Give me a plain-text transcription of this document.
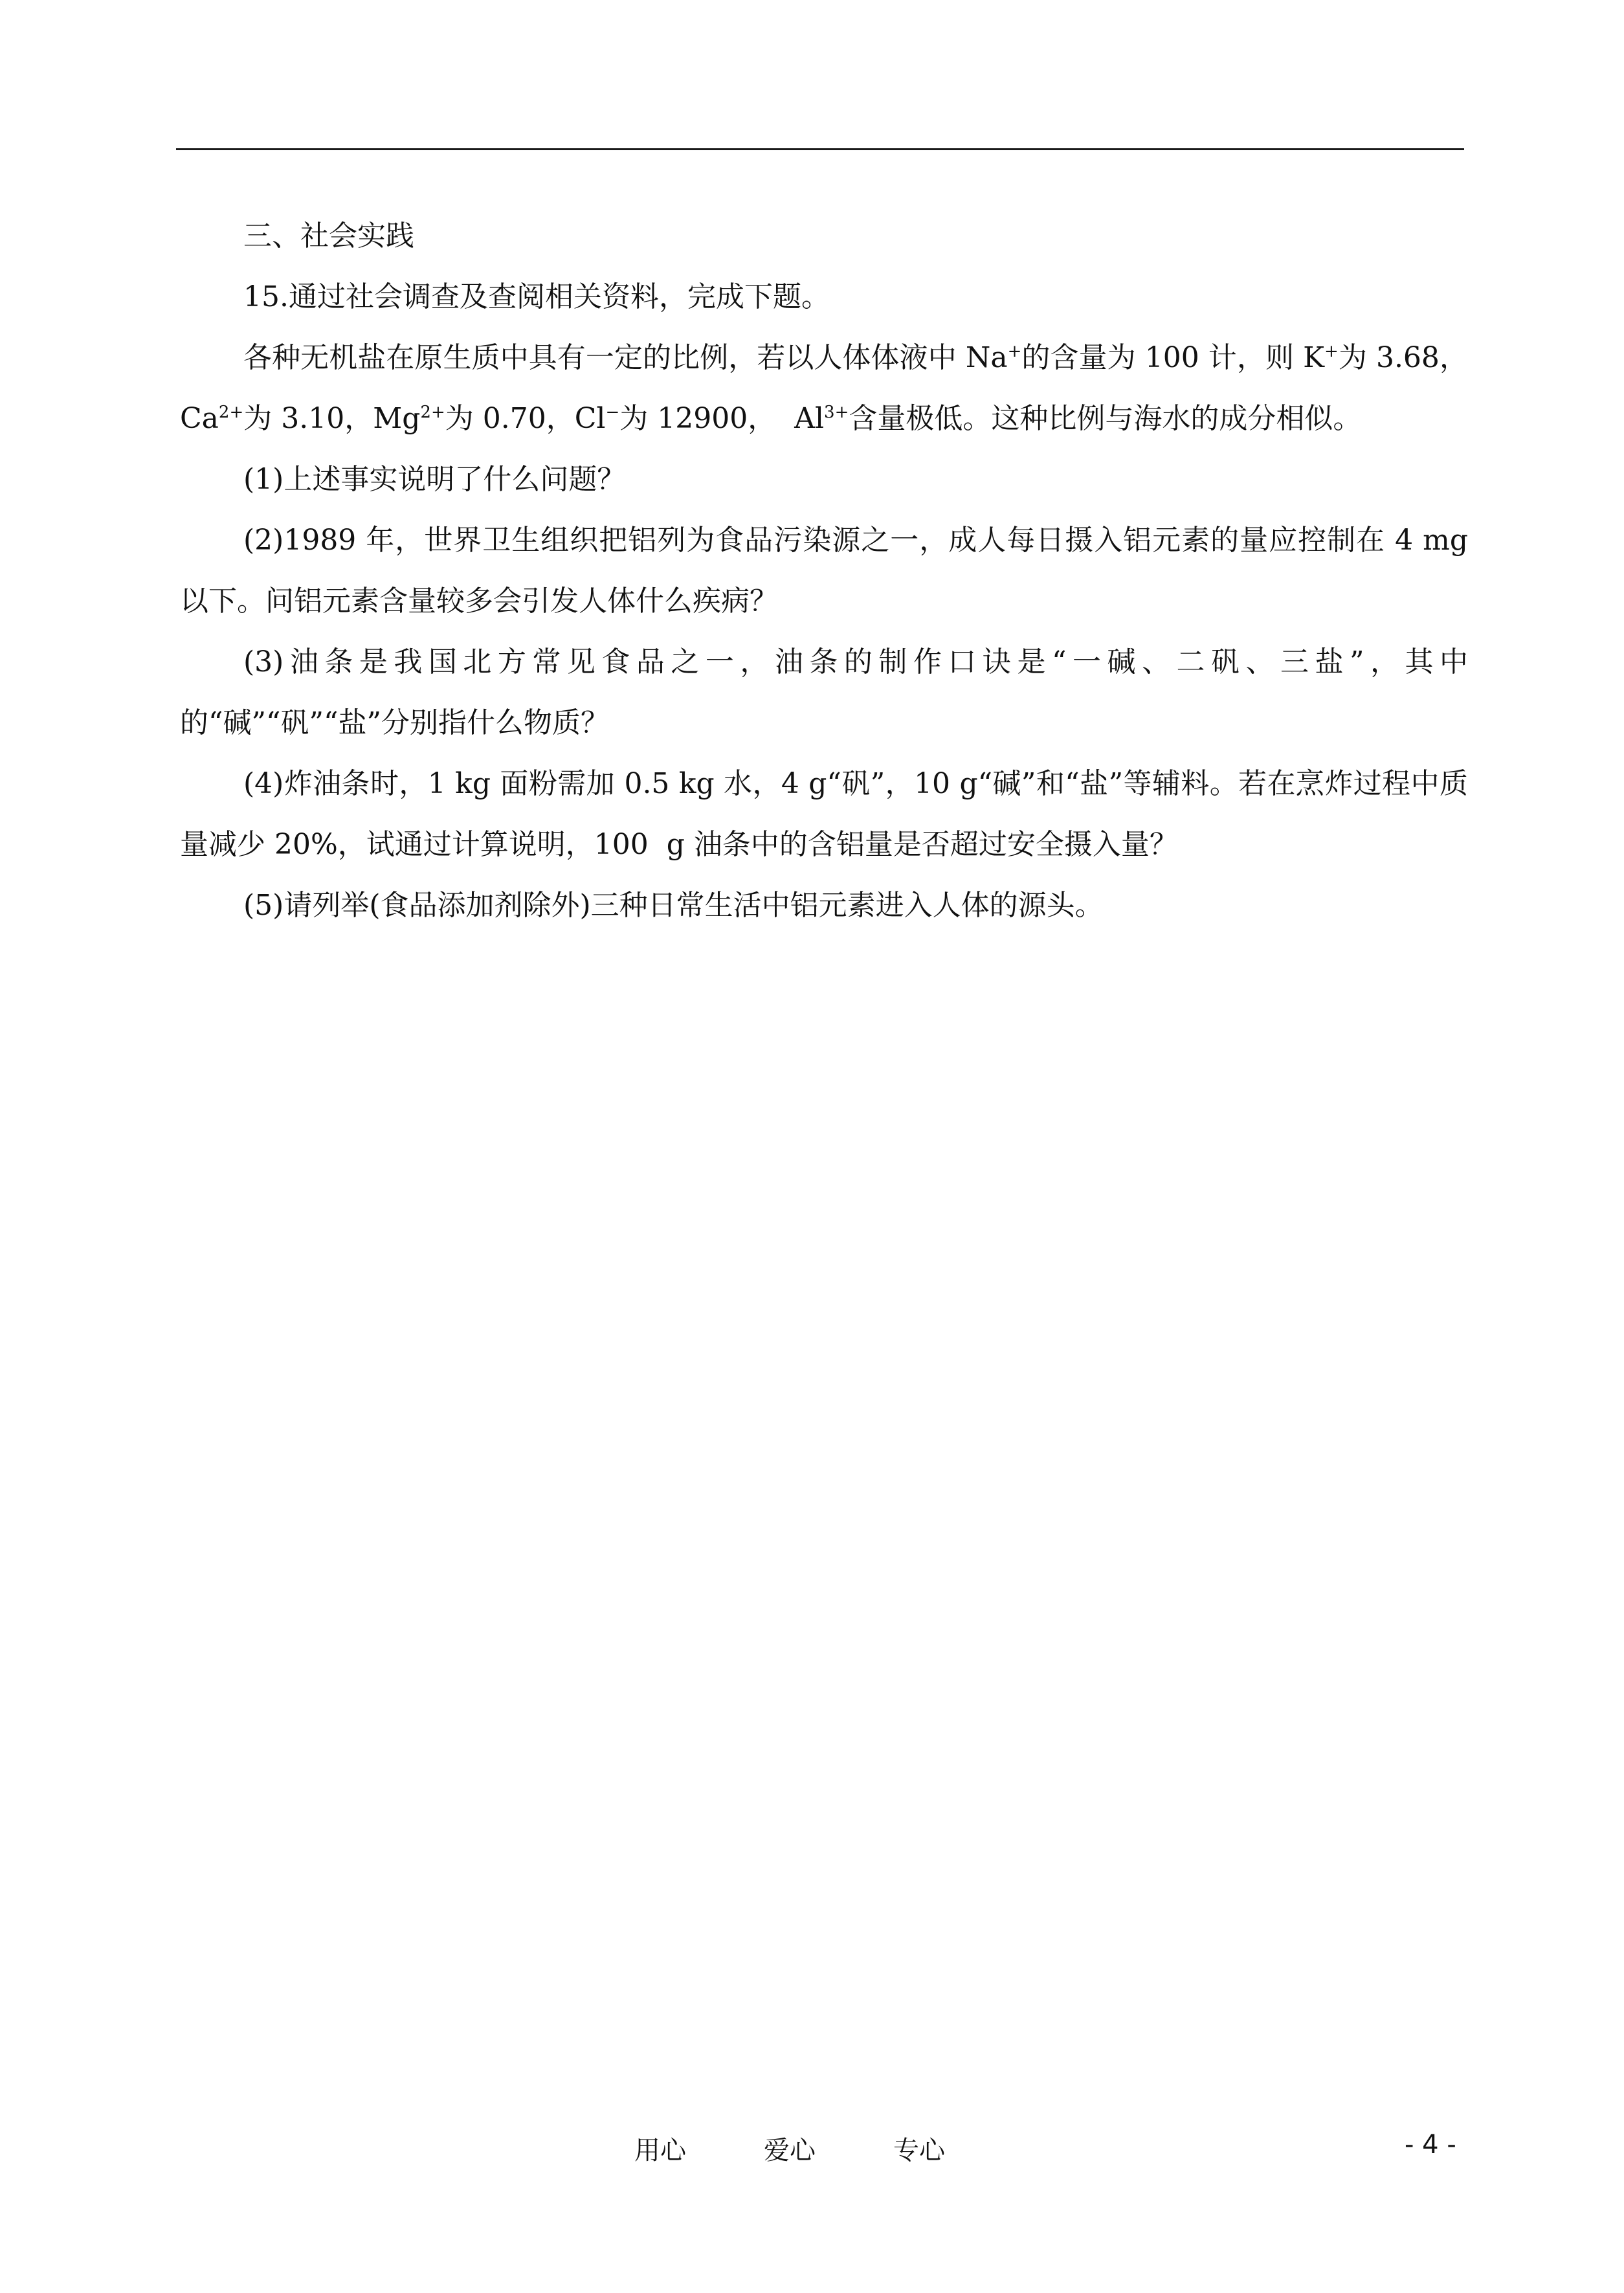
三、社会实践

15.通过社会调查及查阅相关资料，完成下题。

各种无机盐在原生质中具有一定的比例，若以人体体液中 Na+的含量为 100 计，则 K+为 3.68，$Ca^{2+}$为 3.10，$Mg^{2+}$为 0.70，Cl−为 12900，  $Al^{3+}$含量极低。这种比例与海水的成分相似。

(1)上述事实说明了什么问题？

(2)1989 年，世界卫生组织把铝列为食品污染源之一，成人每日摄入铝元素的量应控制在 4 mg 以下。问铝元素含量较多会引发人体什么疾病？

(3)油条是我国北方常见食品之一，油条的制作口诀是“一碱、二矾、三盐”，其中的“碱”“矾”“盐”分别指什么物质？

(4)炸油条时，1 kg 面粉需加 0.5 kg 水，4 g“矾”，10 g“碱”和“盐”等辅料。若在烹炸过程中质量减少 20%，试通过计算说明，100  g 油条中的含铝量是否超过安全摄入量？

(5)请列举(食品添加剂除外)三种日常生活中铝元素进入人体的源头。

用心	爱心	专心	- 4 -
